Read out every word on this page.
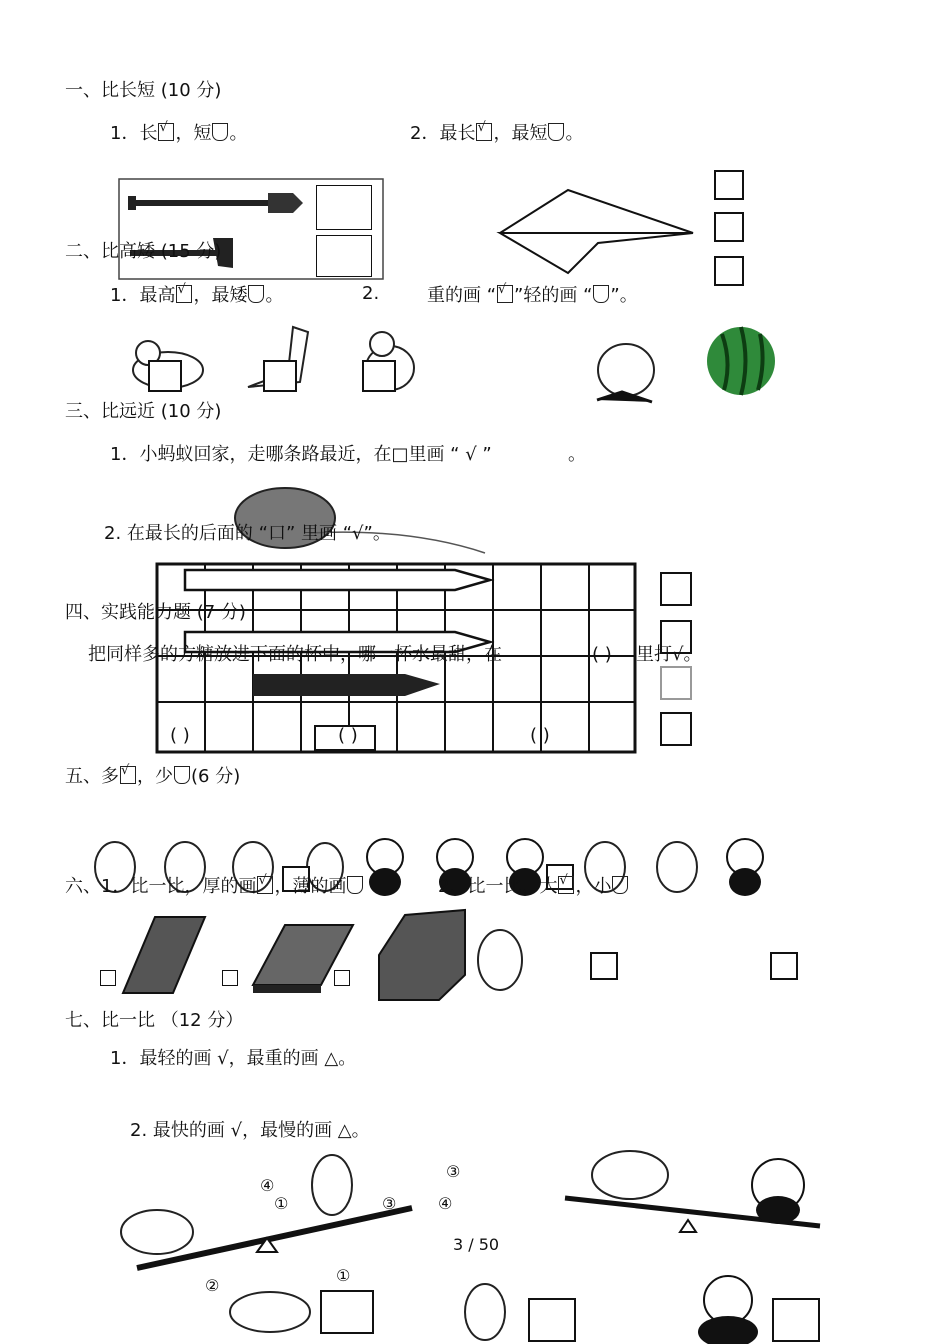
一、比长短 (10 分)
1．长 √ ，短 。	2．最长 √ ，最短 。
二、比高矮 (15 分)
1．最高 √ ，最矮 。	2.	重的画 “ √ ”轻的画 “ ”。
三、比远近 (10 分)
1．小蚂蚁回家，走哪条路最近，在□里画 “ √ ”	。
2. 在最长的后面的 “口” 里画 “√”。
四、实践能力题 (7 分)
把同样多的方糖放进下面的杯中，哪一杯水最甜，在	( ) 里打√。
( )	( )	( )
五、多 √ ，少 (6 分)
六、1．比一比，厚的画 √ ，薄的画	2．比一比，大 √ ，小
七、比一比 （12 分）
1．最轻的画 √，最重的画 △。
2. 最快的画 √，最慢的画 △。
④
①	③
③
④
②
①
3 / 50
